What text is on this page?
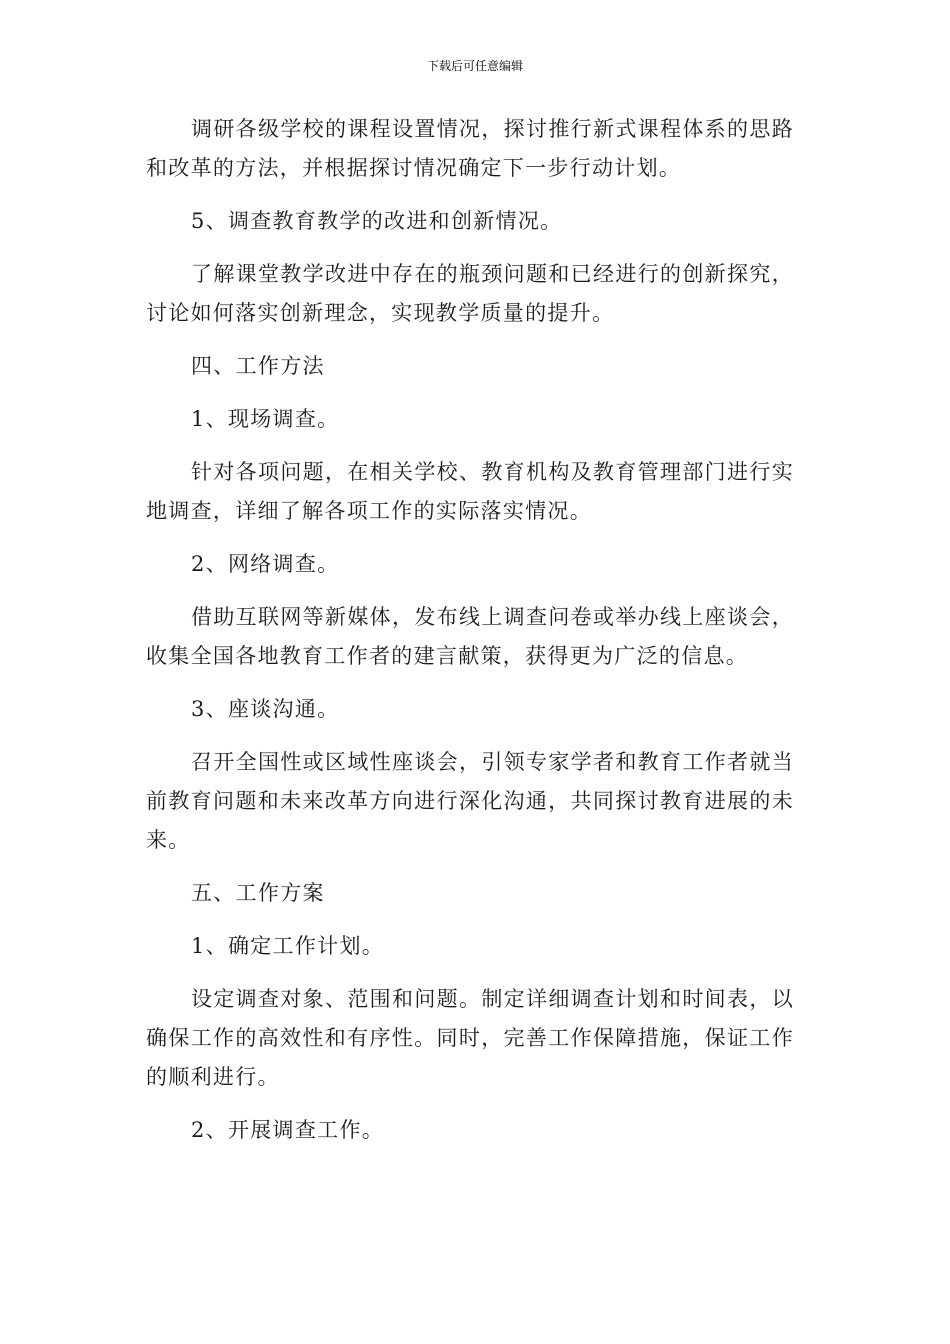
下载后可任意编辑

调研各级学校的课程设置情况，探讨推行新式课程体系的思路和改革的方法，并根据探讨情况确定下一步行动计划。

5、调查教育教学的改进和创新情况。

了解课堂教学改进中存在的瓶颈问题和已经进行的创新探究，讨论如何落实创新理念，实现教学质量的提升。

四、工作方法

1、现场调查。

针对各项问题，在相关学校、教育机构及教育管理部门进行实地调查，详细了解各项工作的实际落实情况。

2、网络调查。

借助互联网等新媒体，发布线上调查问卷或举办线上座谈会，收集全国各地教育工作者的建言献策，获得更为广泛的信息。

3、座谈沟通。

召开全国性或区域性座谈会，引领专家学者和教育工作者就当前教育问题和未来改革方向进行深化沟通，共同探讨教育进展的未来。

五、工作方案

1、确定工作计划。

设定调查对象、范围和问题。制定详细调查计划和时间表，以确保工作的高效性和有序性。同时，完善工作保障措施，保证工作的顺利进行。

2、开展调查工作。
